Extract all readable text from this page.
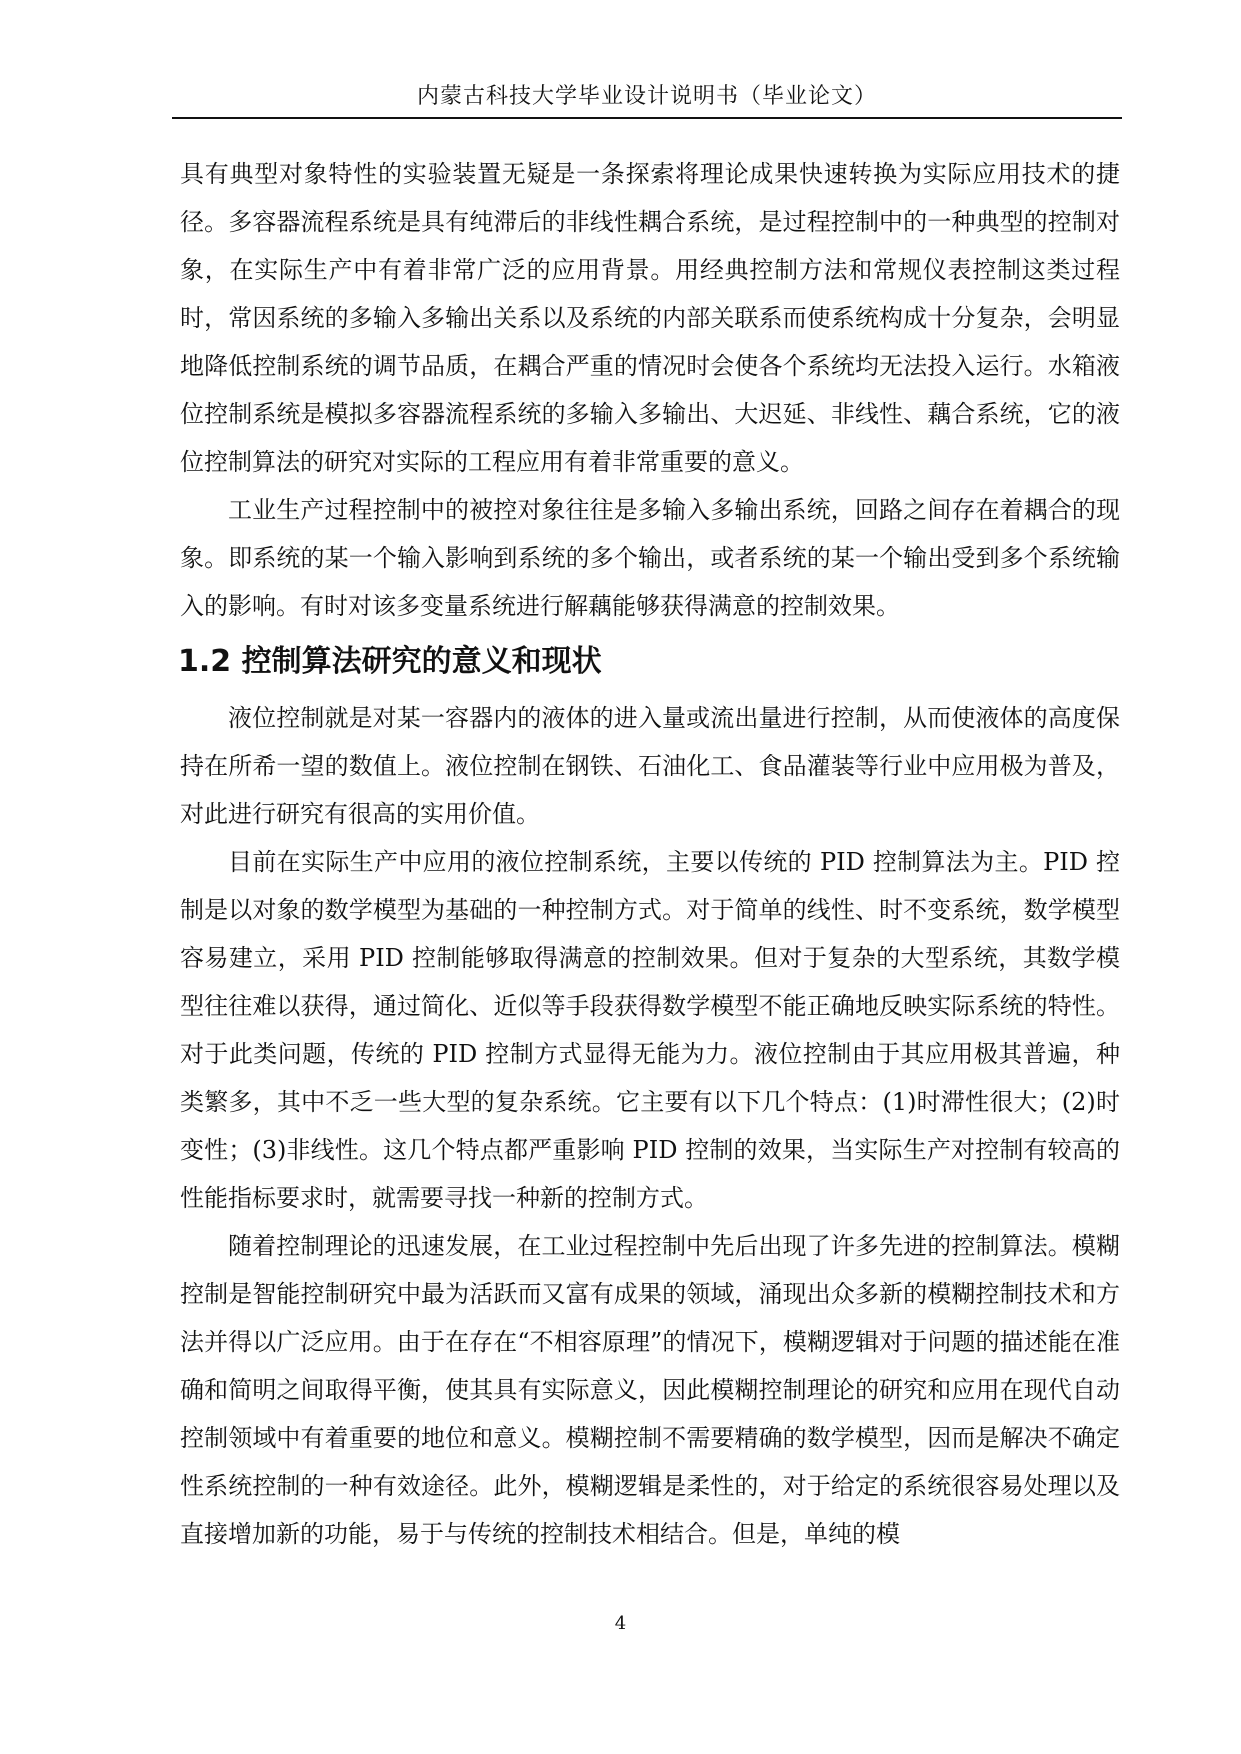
内蒙古科技大学毕业设计说明书（毕业论文）

具有典型对象特性的实验装置无疑是一条探索将理论成果快速转换为实际应用技术的捷径。多容器流程系统是具有纯滞后的非线性耦合系统，是过程控制中的一种典型的控制对象，在实际生产中有着非常广泛的应用背景。用经典控制方法和常规仪表控制这类过程时，常因系统的多输入多输出关系以及系统的内部关联系而使系统构成十分复杂，会明显地降低控制系统的调节品质，在耦合严重的情况时会使各个系统均无法投入运行。水箱液位控制系统是模拟多容器流程系统的多输入多输出、大迟延、非线性、藕合系统，它的液位控制算法的研究对实际的工程应用有着非常重要的意义。

工业生产过程控制中的被控对象往往是多输入多输出系统，回路之间存在着耦合的现象。即系统的某一个输入影响到系统的多个输出，或者系统的某一个输出受到多个系统输入的影响。有时对该多变量系统进行解藕能够获得满意的控制效果。

1.2 控制算法研究的意义和现状

液位控制就是对某一容器内的液体的进入量或流出量进行控制，从而使液体的高度保持在所希一望的数值上。液位控制在钢铁、石油化工、食品灌装等行业中应用极为普及，对此进行研究有很高的实用价值。

目前在实际生产中应用的液位控制系统，主要以传统的 PID 控制算法为主。PID 控制是以对象的数学模型为基础的一种控制方式。对于简单的线性、时不变系统，数学模型容易建立，采用 PID 控制能够取得满意的控制效果。但对于复杂的大型系统，其数学模型往往难以获得，通过简化、近似等手段获得数学模型不能正确地反映实际系统的特性。对于此类问题，传统的 PID 控制方式显得无能为力。液位控制由于其应用极其普遍，种类繁多，其中不乏一些大型的复杂系统。它主要有以下几个特点：(1)时滞性很大；(2)时变性；(3)非线性。这几个特点都严重影响 PID 控制的效果，当实际生产对控制有较高的性能指标要求时，就需要寻找一种新的控制方式。

随着控制理论的迅速发展，在工业过程控制中先后出现了许多先进的控制算法。模糊控制是智能控制研究中最为活跃而又富有成果的领域，涌现出众多新的模糊控制技术和方法并得以广泛应用。由于在存在“不相容原理”的情况下，模糊逻辑对于问题的描述能在准确和简明之间取得平衡，使其具有实际意义，因此模糊控制理论的研究和应用在现代自动控制领域中有着重要的地位和意义。模糊控制不需要精确的数学模型，因而是解决不确定性系统控制的一种有效途径。此外，模糊逻辑是柔性的，对于给定的系统很容易处理以及直接增加新的功能，易于与传统的控制技术相结合。但是，单纯的模

4
